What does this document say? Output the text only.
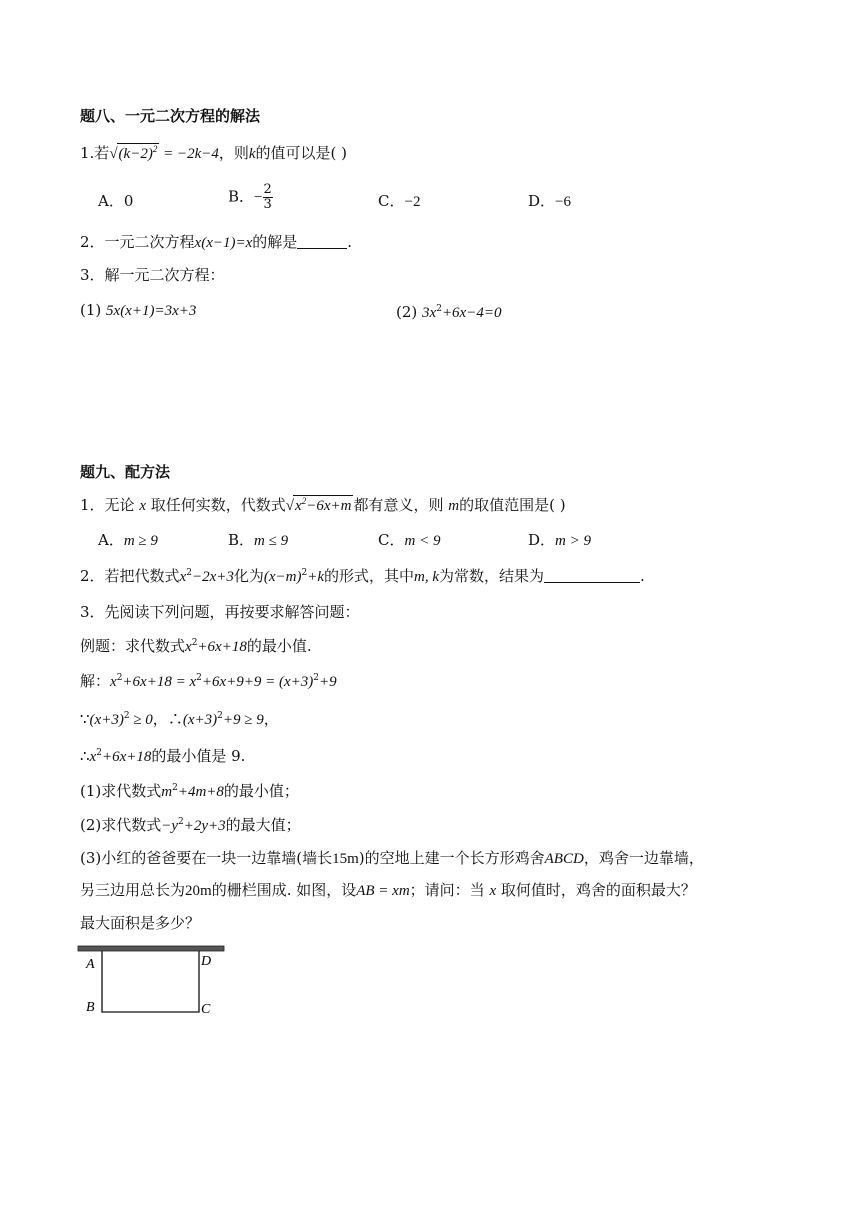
题八、一元二次方程的解法
1.若$√(k-2)^2 = -2k-4$，则k的值可以是( )
A．0	B．− $\frac{2}{3}$	C．−2	D．−6
2．一元二次方程x(x−1)=x的解是	.
3．解一元二次方程：
(1) 5x(x+1)=3x+3	(2) $3x^2+6x-4=0$
题九、配方法
1．无论 x 取任何实数，代数式$√x^2-6x+m$ 都有意义，则 m的取值范围是( )
A．m ≥ 9	B．m ≤ 9	C．m < 9	D．m > 9
2．若把代数式$x^2-2x+3$化为$(x-m)^2+k$的形式，其中m, k为常数，结果为	.
3．先阅读下列问题，再按要求解答问题：
例题：求代数式$x^2+6x+18$的最小值.
解：$x^2+6x+18 = x^2+6x+9+9 = (x+3)^2+9$
$\because(x+3)^2 \ge 0$，$\therefore(x+3)^2+9 \ge 9$，
$\therefore x^2+6x+18$的最小值是 9.
(1)求代数式$m^2+4m+8$的最小值；
(2)求代数式$-y^2+2y+3$的最大值；
(3)小红的爸爸要在一块一边靠墙(墙长15m)的空地上建一个长方形鸡舍ABCD，鸡舍一边靠墙，
另三边用总长为20m的栅栏围成. 如图，设AB = xm；请问：当 x 取何值时，鸡舍的面积最大？
最大面积是多少？
A	D
B	C
